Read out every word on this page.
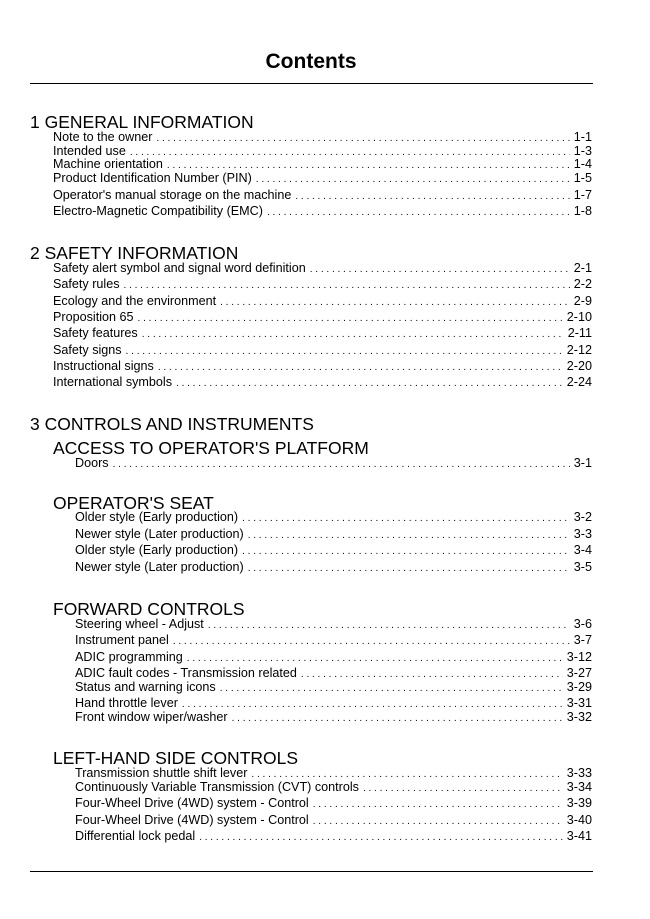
Contents
1 GENERAL INFORMATION
Note to the owner . . .	1-1
Intended use . . .	1-3
Machine orientation . . .	1-4
Product Identification Number (PIN) . . .	1-5
Operator's manual storage on the machine . . .	1-7
Electro-Magnetic Compatibility (EMC) . . .	1-8
2 SAFETY INFORMATION
Safety alert symbol and signal word definition . . .	2-1
Safety rules . . .	2-2
Ecology and the environment . . .	2-9
Proposition 65 . . .	2-10
Safety features . . .	2-11
Safety signs . . .	2-12
Instructional signs . . .	2-20
International symbols . . .	2-24
3 CONTROLS AND INSTRUMENTS
ACCESS TO OPERATOR'S PLATFORM
Doors . . .	3-1
OPERATOR'S SEAT
Older style (Early production) . . .	3-2
Newer style (Later production) . . .	3-3
Older style (Early production) . . .	3-4
Newer style (Later production) . . .	3-5
FORWARD CONTROLS
Steering wheel - Adjust . . .	3-6
Instrument panel . . .	3-7
ADIC programming . . .	3-12
ADIC fault codes - Transmission related . . .	3-27
Status and warning icons . . .	3-29
Hand throttle lever . . .	3-31
Front window wiper/washer . . .	3-32
LEFT-HAND SIDE CONTROLS
Transmission shuttle shift lever . . .	3-33
Continuously Variable Transmission (CVT) controls . . .	3-34
Four-Wheel Drive (4WD) system - Control . . .	3-39
Four-Wheel Drive (4WD) system - Control . . .	3-40
Differential lock pedal . . .	3-41
